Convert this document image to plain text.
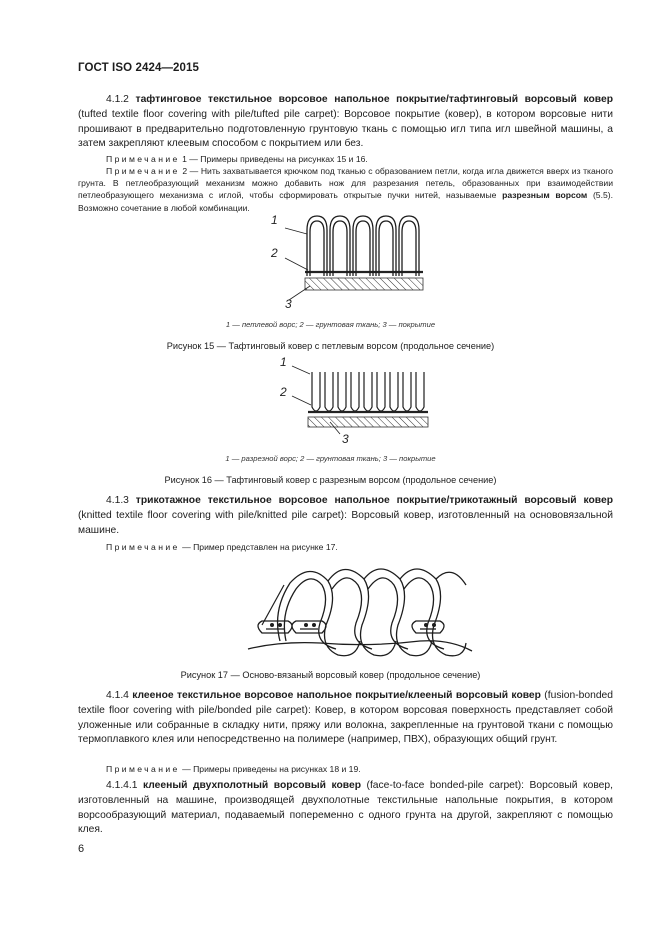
ГОСТ ISO 2424—2015

4.1.2 тафтинговое текстильное ворсовое напольное покрытие/тафтинговый ворсовый ковер (tufted textile floor covering with pile/tufted pile carpet): Ворсовое покрытие (ковер), в котором ворсовые нити прошивают в предварительно подготовленную грунтовую ткань с помощью игл типа игл швейной машины, а затем закрепляют клеевым способом с покрытием или без.

Примечание 1 — Примеры приведены на рисунках 15 и 16.

Примечание 2 — Нить захватывается крючком под тканью с образованием петли, когда игла движется вверх из тканого грунта. В петлеобразующий механизм можно добавить нож для разрезания петель, образованных при взаимодействии петлеобразующего механизма с иглой, чтобы сформировать открытые пучки нитей, называемые разрезным ворсом (5.5). Возможно сочетание в любой комбинации.

1
2
3
1 — петлевой ворс; 2 — грунтовая ткань; 3 — покрытие
Рисунок 15 — Тафтинговый ковер с петлевым ворсом (продольное сечение)
1
2
3
1 — разрезной ворс; 2 — грунтовая ткань; 3 — покрытие
Рисунок 16 — Тафтинговый ковер с разрезным ворсом (продольное сечение)

4.1.3 трикотажное текстильное ворсовое напольное покрытие/трикотажный ворсовый ковер (knitted textile floor covering with pile/knitted pile carpet): Ворсовый ковер, изготовленный на основовязальной машине.

Примечание — Пример представлен на рисунке 17.

Рисунок 17 — Осново-вязаный ворсовый ковер (продольное сечение)

4.1.4 клееное текстильное ворсовое напольное покрытие/клееный ворсовый ковер (fusion-bonded textile floor covering with pile/bonded pile carpet): Ковер, в котором ворсовая поверхность представляет собой уложенные или собранные в складку нити, пряжу или волокна, закрепленные на грунтовой ткани с помощью термоплавкого клея или непосредственно на полимере (например, ПВХ), образующих общий грунт.

Примечание — Примеры приведены на рисунках 18 и 19.

4.1.4.1 клееный двухполотный ворсовый ковер (face-to-face bonded-pile carpet): Ворсовый ковер, изготовленный на машине, производящей двухполотные текстильные напольные покрытия, в котором ворсообразующий материал, подаваемый попеременно с одного грунта на другой, закрепляют с помощью клея.

6
